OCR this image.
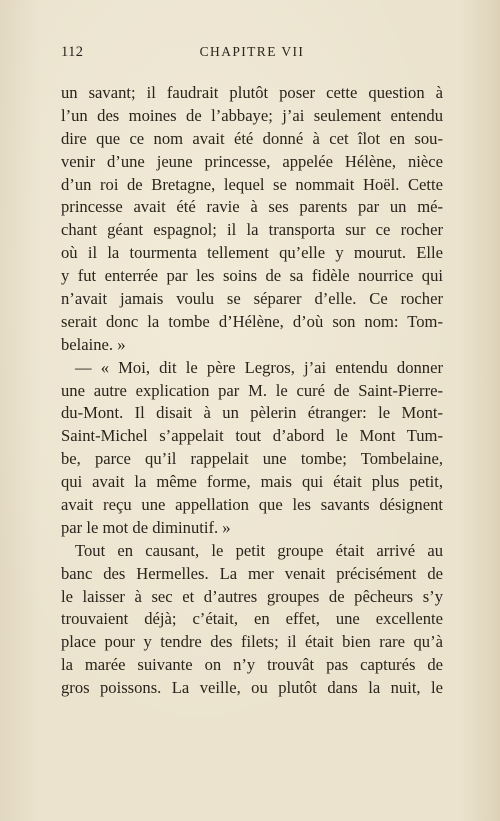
112	CHAPITRE VII
un savant; il faudrait plutôt poser cette question à
l’un des moines de l’abbaye; j’ai seulement entendu
dire que ce nom avait été donné à cet îlot en sou-
venir d’une jeune princesse, appelée Hélène, nièce
d’un roi de Bretagne, lequel se nommait Hoël. Cette
princesse avait été ravie à ses parents par un mé-
chant géant espagnol; il la transporta sur ce rocher
où il la tourmenta tellement qu’elle y mourut. Elle
y fut enterrée par les soins de sa fidèle nourrice qui
n’avait jamais voulu se séparer d’elle. Ce rocher
serait donc la tombe d’Hélène, d’où son nom: Tom-
belaine. »
— « Moi, dit le père Legros, j’ai entendu donner
une autre explication par M. le curé de Saint-Pierre-
du-Mont. Il disait à un pèlerin étranger: le Mont-
Saint-Michel s’appelait tout d’abord le Mont Tum-
be, parce qu’il rappelait une tombe; Tombelaine,
qui avait la même forme, mais qui était plus petit,
avait reçu une appellation que les savants désignent
par le mot de diminutif. »
Tout en causant, le petit groupe était arrivé au
banc des Hermelles. La mer venait précisément de
le laisser à sec et d’autres groupes de pêcheurs s’y
trouvaient déjà; c’était, en effet, une excellente
place pour y tendre des filets; il était bien rare qu’à
la marée suivante on n’y trouvât pas capturés de
gros poissons. La veille, ou plutôt dans la nuit, le
